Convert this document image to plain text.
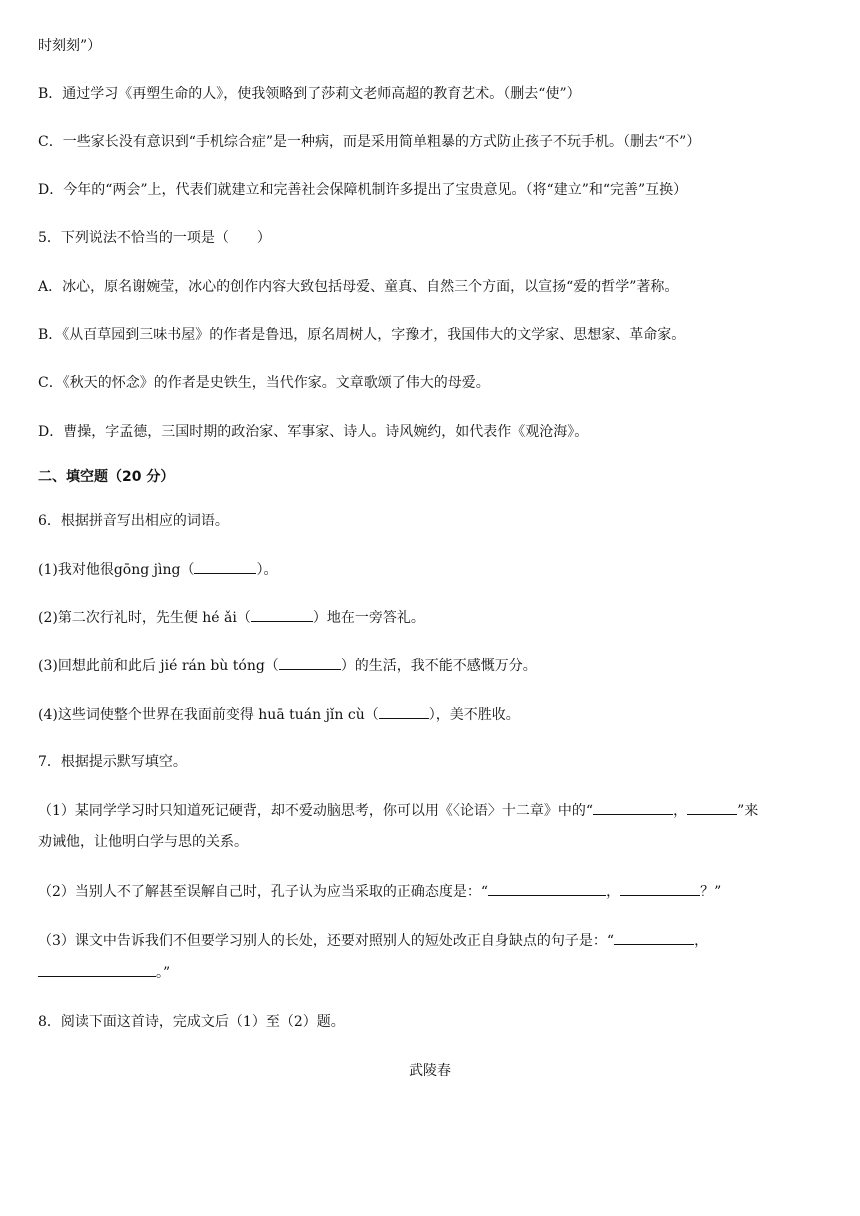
时刻刻”）
B．通过学习《再塑生命的人》，使我领略到了莎莉文老师高超的教育艺术。（删去“使”）
C．一些家长没有意识到“手机综合症”是一种病，而是采用简单粗暴的方式防止孩子不玩手机。（删去“不”）
D．今年的“两会”上，代表们就建立和完善社会保障机制许多提出了宝贵意见。（将“建立”和“完善”互换）
5．下列说法不恰当的一项是（　　）
A．冰心，原名谢婉莹，冰心的创作内容大致包括母爱、童真、自然三个方面，以宣扬“爱的哲学”著称。
B．《从百草园到三味书屋》的作者是鲁迅，原名周树人，字豫才，我国伟大的文学家、思想家、革命家。
C．《秋天的怀念》的作者是史铁生，当代作家。文章歌颂了伟大的母爱。
D．曹操，字孟德，三国时期的政治家、军事家、诗人。诗风婉约，如代表作《观沧海》。
二、填空题（20 分）
6．根据拼音写出相应的词语。
(1)我对他很gōng jìng（	）。
(2)第二次行礼时，先生便 hé ǎi（	）地在一旁答礼。
(3)回想此前和此后 jié rán bù tóng（	）的生活，我不能不感慨万分。
(4)这些词使整个世界在我面前变得 huā tuán jǐn cù（	），美不胜收。
7．根据提示默写填空。
（1）某同学学习时只知道死记硬背，却不爱动脑思考，你可以用《〈论语〉十二章》中的“	，	”来
劝诫他，让他明白学与思的关系。
（2）当别人不了解甚至误解自己时，孔子认为应当采取的正确态度是：“	，	？”
（3）课文中告诉我们不但要学习别人的长处，还要对照别人的短处改正自身缺点的句子是：“	，
。”
8．阅读下面这首诗，完成文后（1）至（2）题。
武陵春
